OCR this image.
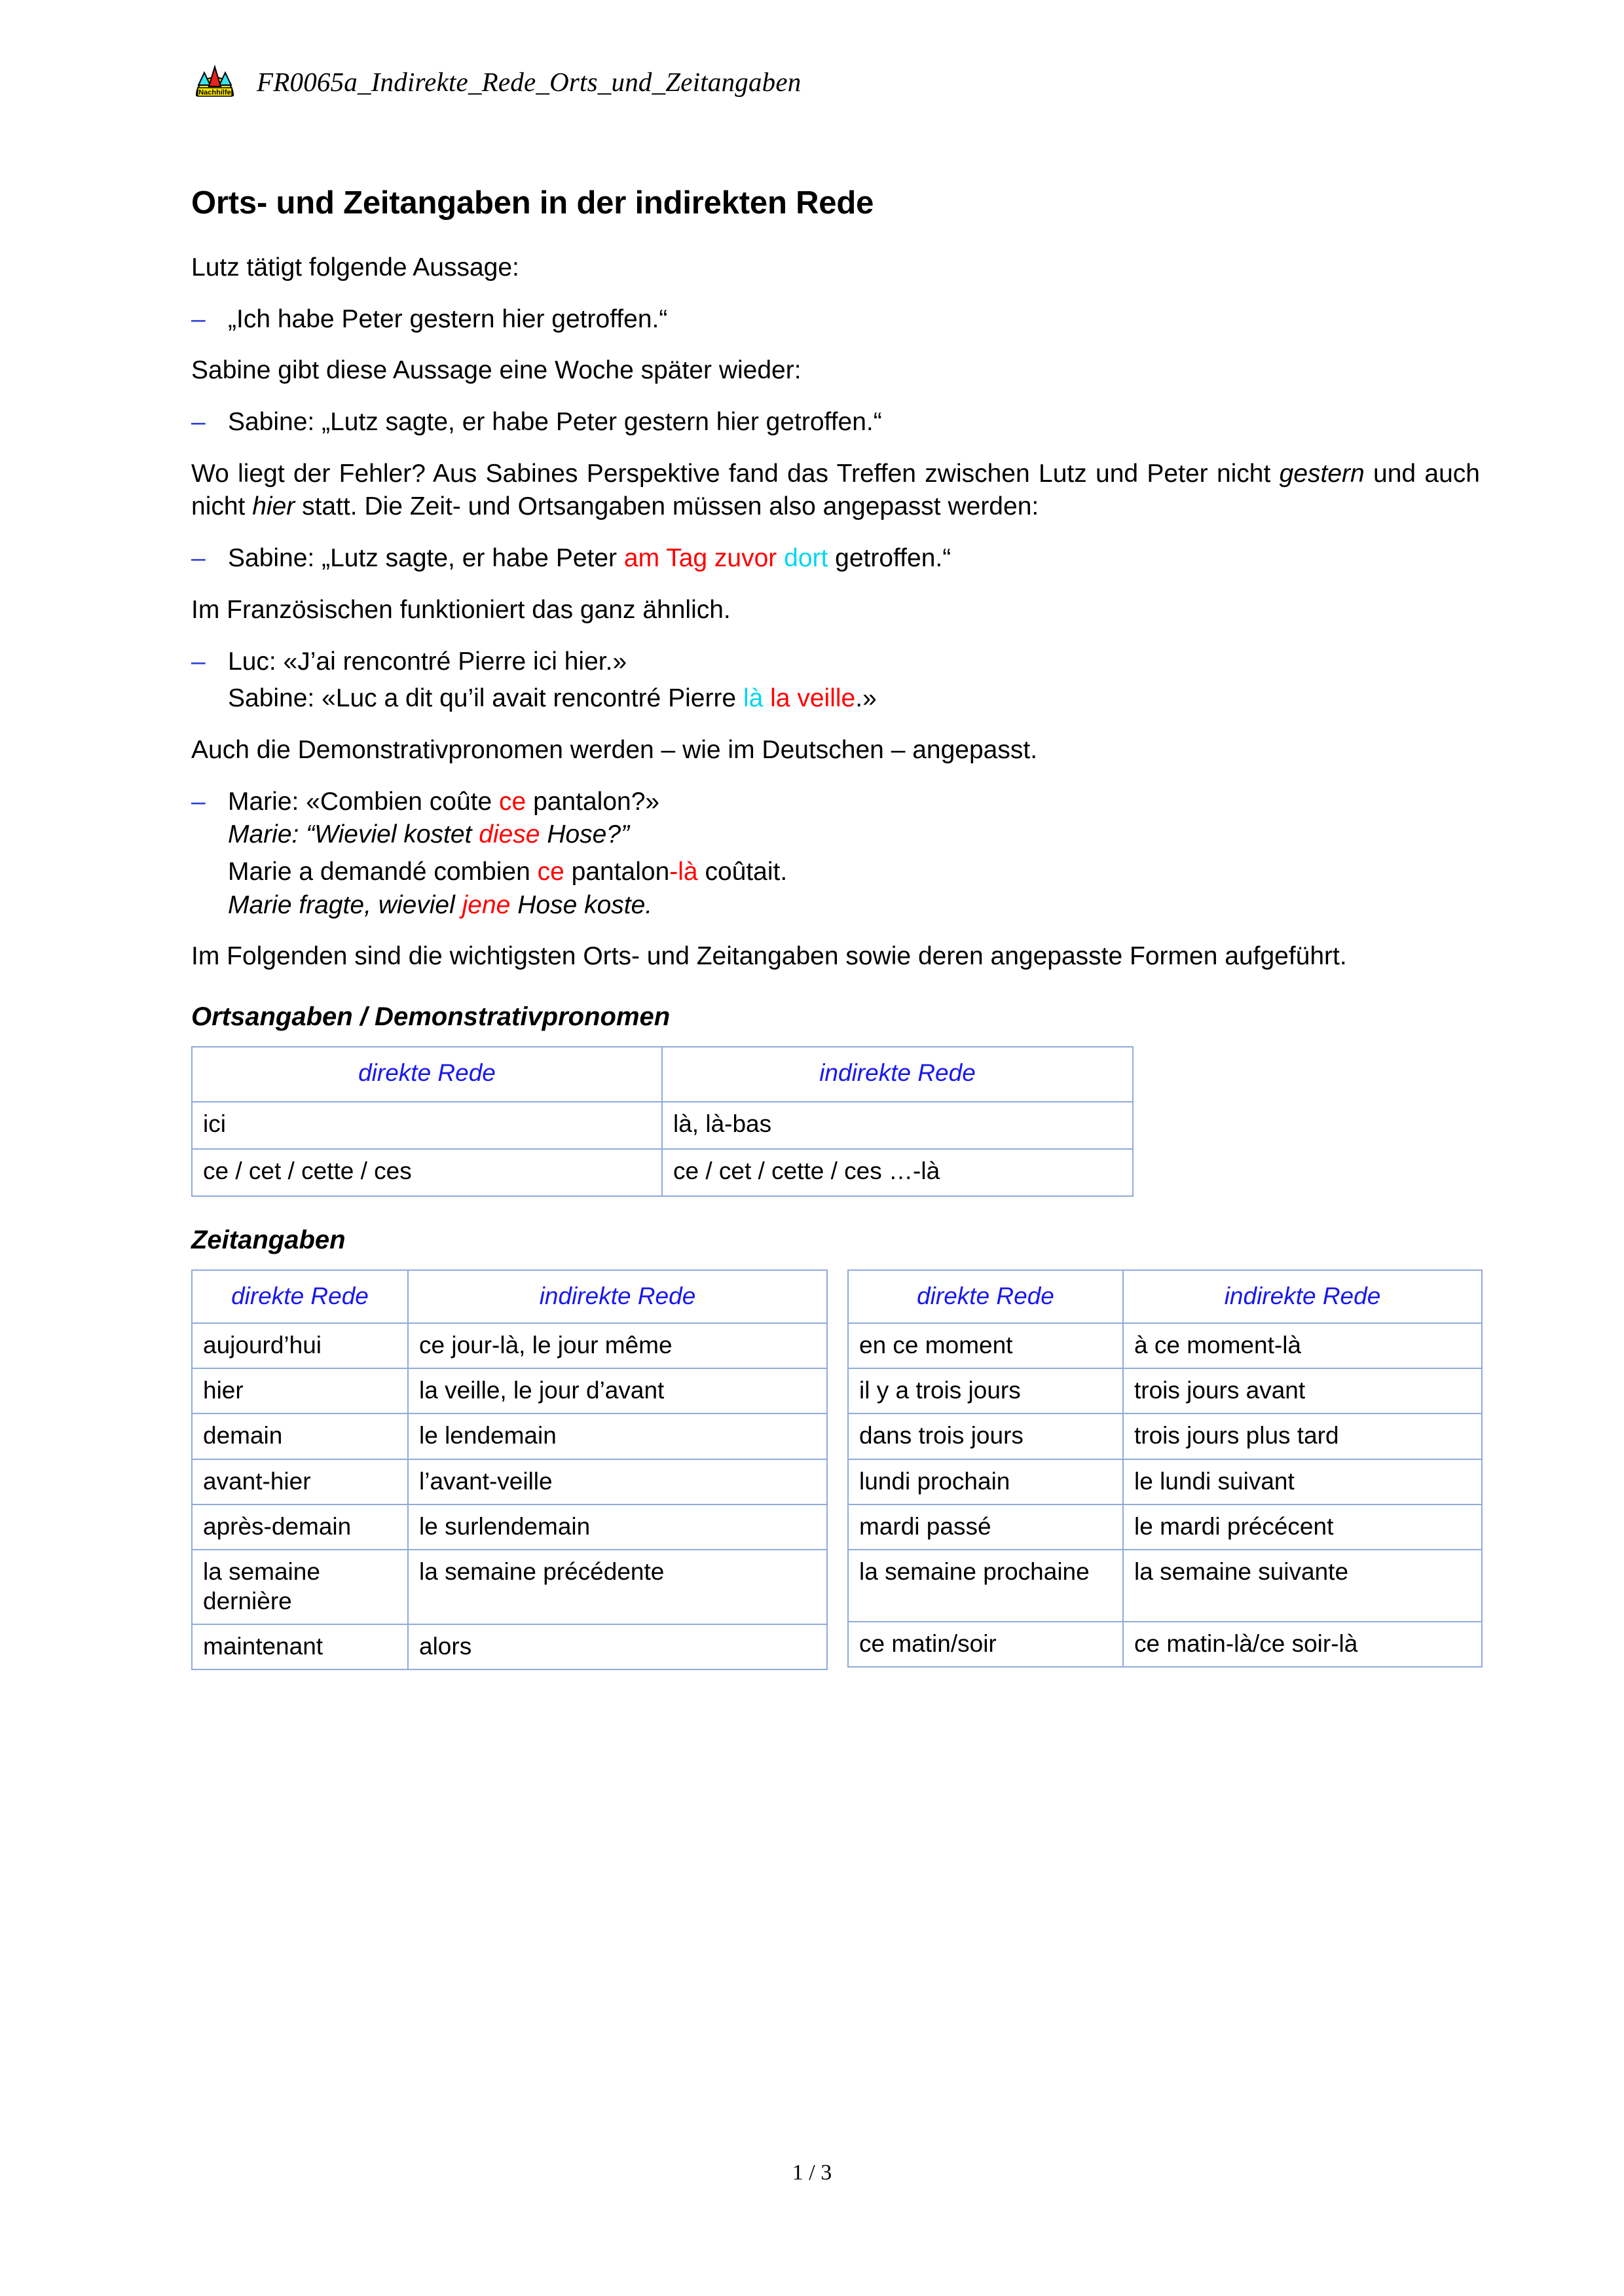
Nachhilfe FR0065a_Indirekte_Rede_Orts_und_Zeitangaben
Orts- und Zeitangaben in der indirekten Rede

Lutz tätigt folgende Aussage:

– „Ich habe Peter gestern hier getroffen.“

Sabine gibt diese Aussage eine Woche später wieder:

– Sabine: „Lutz sagte, er habe Peter gestern hier getroffen.“

Wo liegt der Fehler? Aus Sabines Perspektive fand das Treffen zwischen Lutz und Peter nicht gestern und auch nicht hier statt. Die Zeit- und Ortsangaben müssen also angepasst werden:

– Sabine: „Lutz sagte, er habe Peter am Tag zuvor dort getroffen.“

Im Französischen funktioniert das ganz ähnlich.

– Luc: «J’ai rencontré Pierre ici hier.»
Sabine: «Luc a dit qu’il avait rencontré Pierre là la veille.»

Auch die Demonstrativpronomen werden – wie im Deutschen – angepasst.

– Marie: «Combien coûte ce pantalon?»
Marie: “Wieviel kostet diese Hose?”
Marie a demandé combien ce pantalon-là coûtait.
Marie fragte, wieviel jene Hose koste.

Im Folgenden sind die wichtigsten Orts- und Zeitangaben sowie deren angepasste Formen aufgeführt.

Ortsangaben / Demonstrativpronomen
direkte Rede	indirekte Rede
ici	là, là-bas
ce / cet / cette / ces	ce / cet / cette / ces …-là
Zeitangaben
direkte Rede	indirekte Rede
aujourd’hui	ce jour-là, le jour même
hier	la veille, le jour d’avant
demain	le lendemain
avant-hier	l’avant-veille
après-demain	le surlendemain
la semaine dernière	la semaine précédente
maintenant	alors
direkte Rede	indirekte Rede
en ce moment	à ce moment-là
il y a trois jours	trois jours avant
dans trois jours	trois jours plus tard
lundi prochain	le lundi suivant
mardi passé	le mardi précécent
la semaine prochaine	la semaine suivante
ce matin/soir	ce matin-là/ce soir-là
1 / 3
